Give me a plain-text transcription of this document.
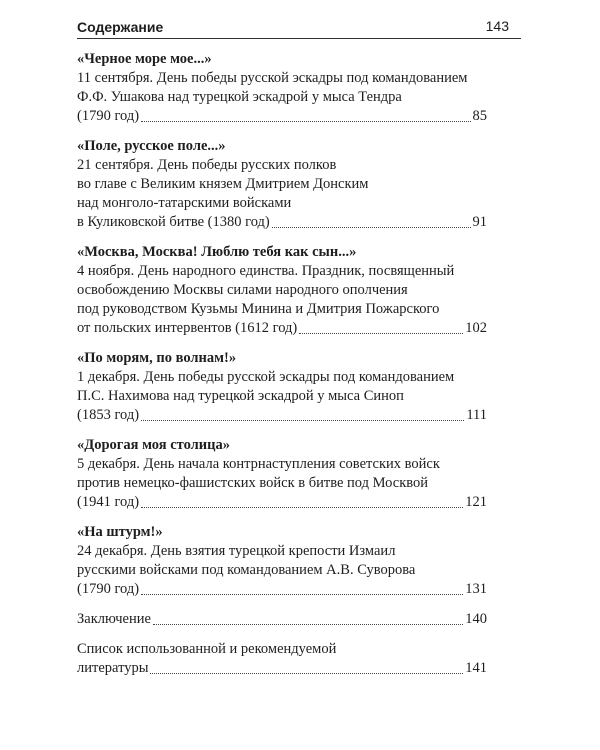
Содержание	143
«Черное море мое...»
11 сентября. День победы русской эскадры под командованием
Ф.Ф. Ушакова над турецкой эскадрой у мыса Тендра
(1790 год)	85
«Поле, русское поле...»
21 сентября. День победы русских полков
во главе с Великим князем Дмитрием Донским
над монголо-татарскими войсками
в Куликовской битве (1380 год)	91
«Москва, Москва! Люблю тебя как сын...»
4 ноября. День народного единства. Праздник, посвященный
освобождению Москвы силами народного ополчения
под руководством Кузьмы Минина и Дмитрия Пожарского
от польских интервентов (1612 год)	102
«По морям, по волнам!»
1 декабря. День победы русской эскадры под командованием
П.С. Нахимова над турецкой эскадрой у мыса Синоп
(1853 год)	111
«Дорогая моя столица»
5 декабря. День начала контрнаступления советских войск
против немецко-фашистских войск в битве под Москвой
(1941 год)	121
«На штурм!»
24 декабря. День взятия турецкой крепости Измаил
русскими войсками под командованием А.В. Суворова
(1790 год)	131
Заключение	140
Список использованной и рекомендуемой
литературы	141
